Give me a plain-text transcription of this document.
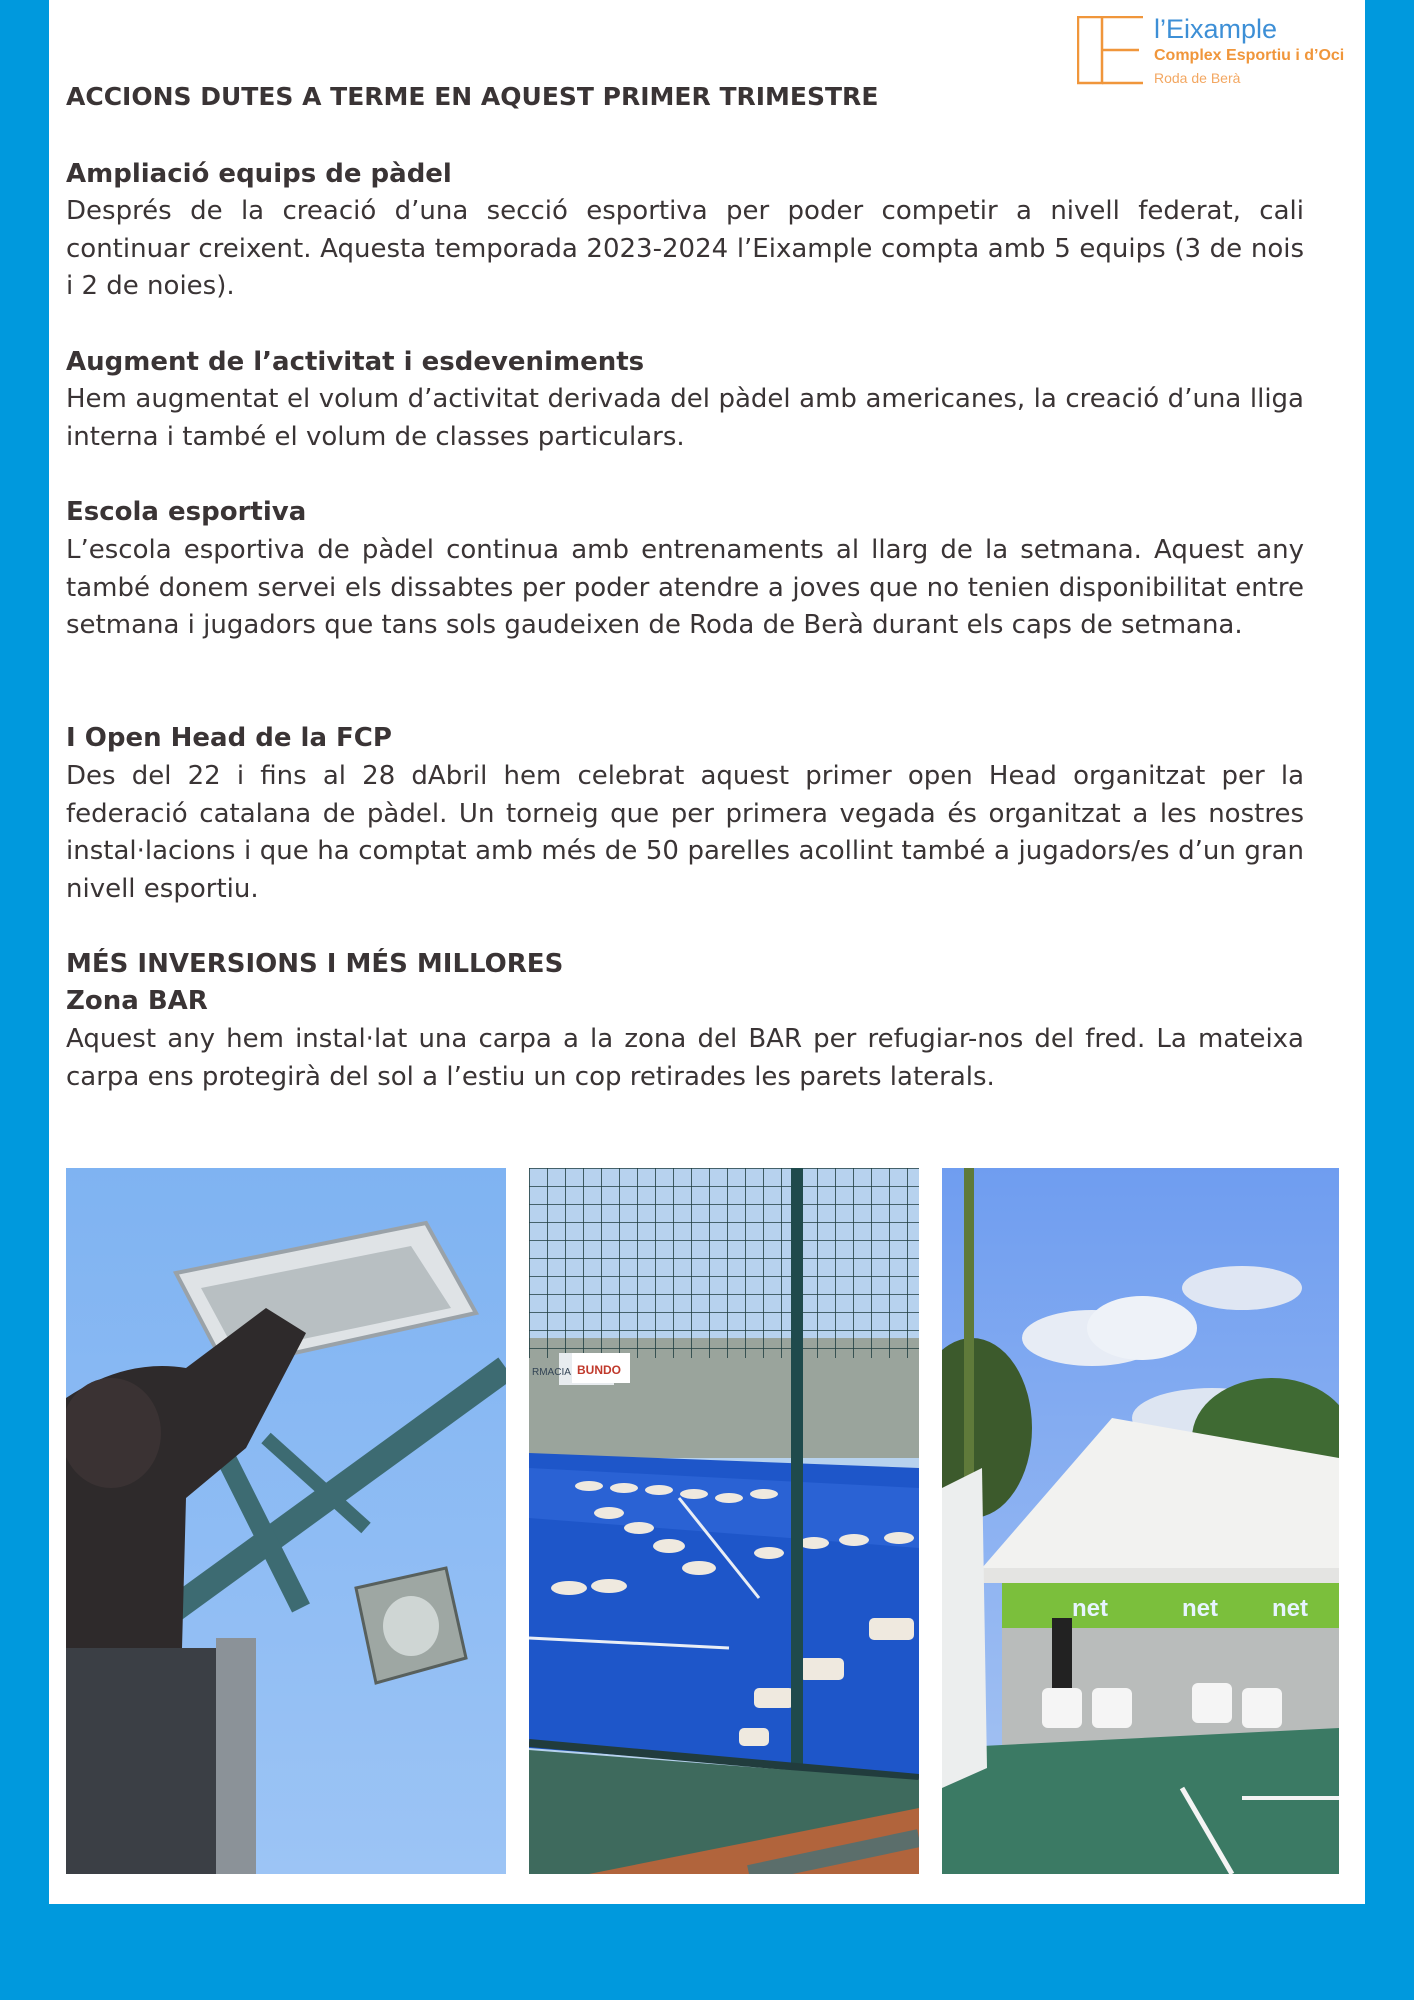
l’Eixample
Complex Esportiu i d’Oci
Roda de Berà
ACCIONS DUTES A TERME EN AQUEST PRIMER TRIMESTRE
Ampliació equips de pàdel
Després de la creació d’una secció esportiva per poder competir a nivell federat, cali continuar creixent. Aquesta temporada 2023-2024 l’Eixample compta amb 5 equips (3 de nois i 2 de noies).
Augment de l’activitat i esdeveniments
Hem augmentat el volum d’activitat derivada del pàdel amb americanes, la creació d’una lliga interna i també el volum de classes particulars.
Escola esportiva
L’escola esportiva de pàdel continua amb entrenaments al llarg de la setmana. Aquest any també donem servei els dissabtes per poder atendre a joves que no tenien disponibilitat entre setmana i jugadors que tans sols gaudeixen de Roda de Berà durant els caps de setmana.
I Open Head de la FCP
Des del 22 i fins al 28 dAbril hem celebrat aquest primer open Head organitzat per la federació catalana de pàdel. Un torneig que per primera vegada és organitzat a les nostres instal·lacions i que ha comptat amb més de 50 parelles acollint també a jugadors/es d’un gran nivell esportiu.
MÉS INVERSIONS I MÉS MILLORES
Zona BAR
Aquest any hem instal·lat una carpa a la zona del BAR per refugiar-nos del fred. La mateixa carpa ens protegirà del sol a l’estiu un cop retirades les parets laterals.
RMACIA BUNDO
net	net net
